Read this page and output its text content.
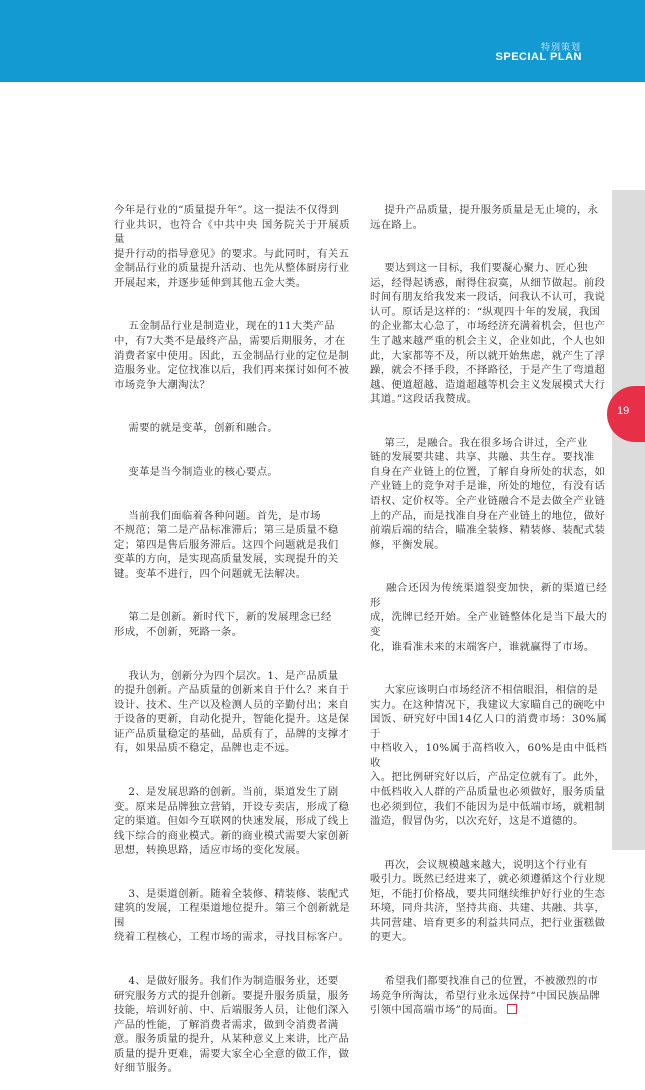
特别策划
SPECIAL PLAN
19

今年是行业的“质量提升年”。这一提法不仅得到
行业共识，也符合《中共中央 国务院关于开展质量
提升行动的指导意见》的要求。与此同时，有关五
金制品行业的质量提升活动、也先从整体厨房行业
开展起来，并逐步延伸到其他五金大类。

五金制品行业是制造业，现在的11大类产品
中，有7大类不是最终产品，需要后期服务，才在
消费者家中使用。因此，五金制品行业的定位是制
造服务业。定位找准以后，我们再来探讨如何不被
市场竞争大潮淘汰？

需要的就是变革，创新和融合。

变革是当今制造业的核心要点。

当前我们面临着各种问题。首先，是市场
不规范；第二是产品标准滞后；第三是质量不稳
定；第四是售后服务滞后。这四个问题就是我们
变革的方向，是实现高质量发展，实现提升的关
键。变革不进行，四个问题就无法解决。

第二是创新。新时代下，新的发展理念已经
形成，不创新，死路一条。

我认为，创新分为四个层次。1、是产品质量
的提升创新。产品质量的创新来自于什么？来自于
设计、技术、生产以及检测人员的辛勤付出；来自
于设备的更新，自动化提升，智能化提升。这是保
证产品质量稳定的基础，品质有了，品牌的支撑才
有，如果品质不稳定，品牌也走不远。

2、是发展思路的创新。当前，渠道发生了剧
变。原来是品牌独立营销，开设专卖店，形成了稳
定的渠道。但如今互联网的快速发展，形成了线上
线下综合的商业模式。新的商业模式需要大家创新
思想，转换思路，适应市场的变化发展。

3、是渠道创新。随着全装修、精装修、装配式
建筑的发展，工程渠道地位提升。第三个创新就是围
绕着工程核心，工程市场的需求，寻找目标客户。

4、是做好服务。我们作为制造服务业，还要
研究服务方式的提升创新。要提升服务质量，服务
技能，培训好前、中、后端服务人员，让他们深入
产品的性能，了解消费者需求，做到令消费者满
意。服务质量的提升，从某种意义上来讲，比产品
质量的提升更难，需要大家全心全意的做工作，做
好细节服务。

提升产品质量，提升服务质量是无止境的，永
远在路上。

要达到这一目标，我们要凝心聚力、匠心独
运，经得起诱惑，耐得住寂寞，从细节做起。前段
时间有朋友给我发来一段话，问我认不认可，我说
认可。原话是这样的：“纵观四十年的发展，我国
的企业都太心急了，市场经济充满着机会，但也产
生了越来越严重的机会主义，企业如此，个人也如
此，大家都等不及，所以就开始焦虑，就产生了浮
躁，就会不择手段，不择路径，于是产生了弯道超
越、便道超越、造道超越等机会主义发展模式大行
其道。”这段话我赞成。

第三，是融合。我在很多场合讲过，全产业
链的发展要共建、共享、共融、共生存。要找准
自身在产业链上的位置，了解自身所处的状态，如
产业链上的竞争对手是谁，所处的地位，有没有话
语权、定价权等。全产业链融合不是去做全产业链
上的产品，而是找准自身在产业链上的地位，做好
前端后端的结合，瞄准全装修、精装修、装配式装
修，平衡发展。

融合还因为传统渠道裂变加快，新的渠道已经形
成，洗牌已经开始。全产业链整体化是当下最大的变
化，谁看准未来的末端客户，谁就赢得了市场。

大家应该明白市场经济不相信眼泪，相信的是
实力。在这种情况下，我建议大家瞄自己的碗吃中
国饭、研究好中国14亿人口的消费市场：30%属于
中档收入，10%属于高档收入，60%是由中低档收
入。把比例研究好以后，产品定位就有了。此外，
中低档收入人群的产品质量也必须做好，服务质量
也必须到位，我们不能因为是中低端市场，就粗制
滥造，假冒伪劣，以次充好，这是不道德的。

再次，会议规模越来越大，说明这个行业有
吸引力。既然已经进来了，就必须遵循这个行业规
矩，不能打价格战，要共同继续维护好行业的生态
环境，同舟共济，坚持共商、共建、共融、共享，
共同营建、培育更多的利益共同点，把行业蛋糕做
的更大。

希望我们都要找准自己的位置，不被激烈的市
场竞争所淘汰，希望行业永远保持“中国民族品牌
引领中国高端市场”的局面。
